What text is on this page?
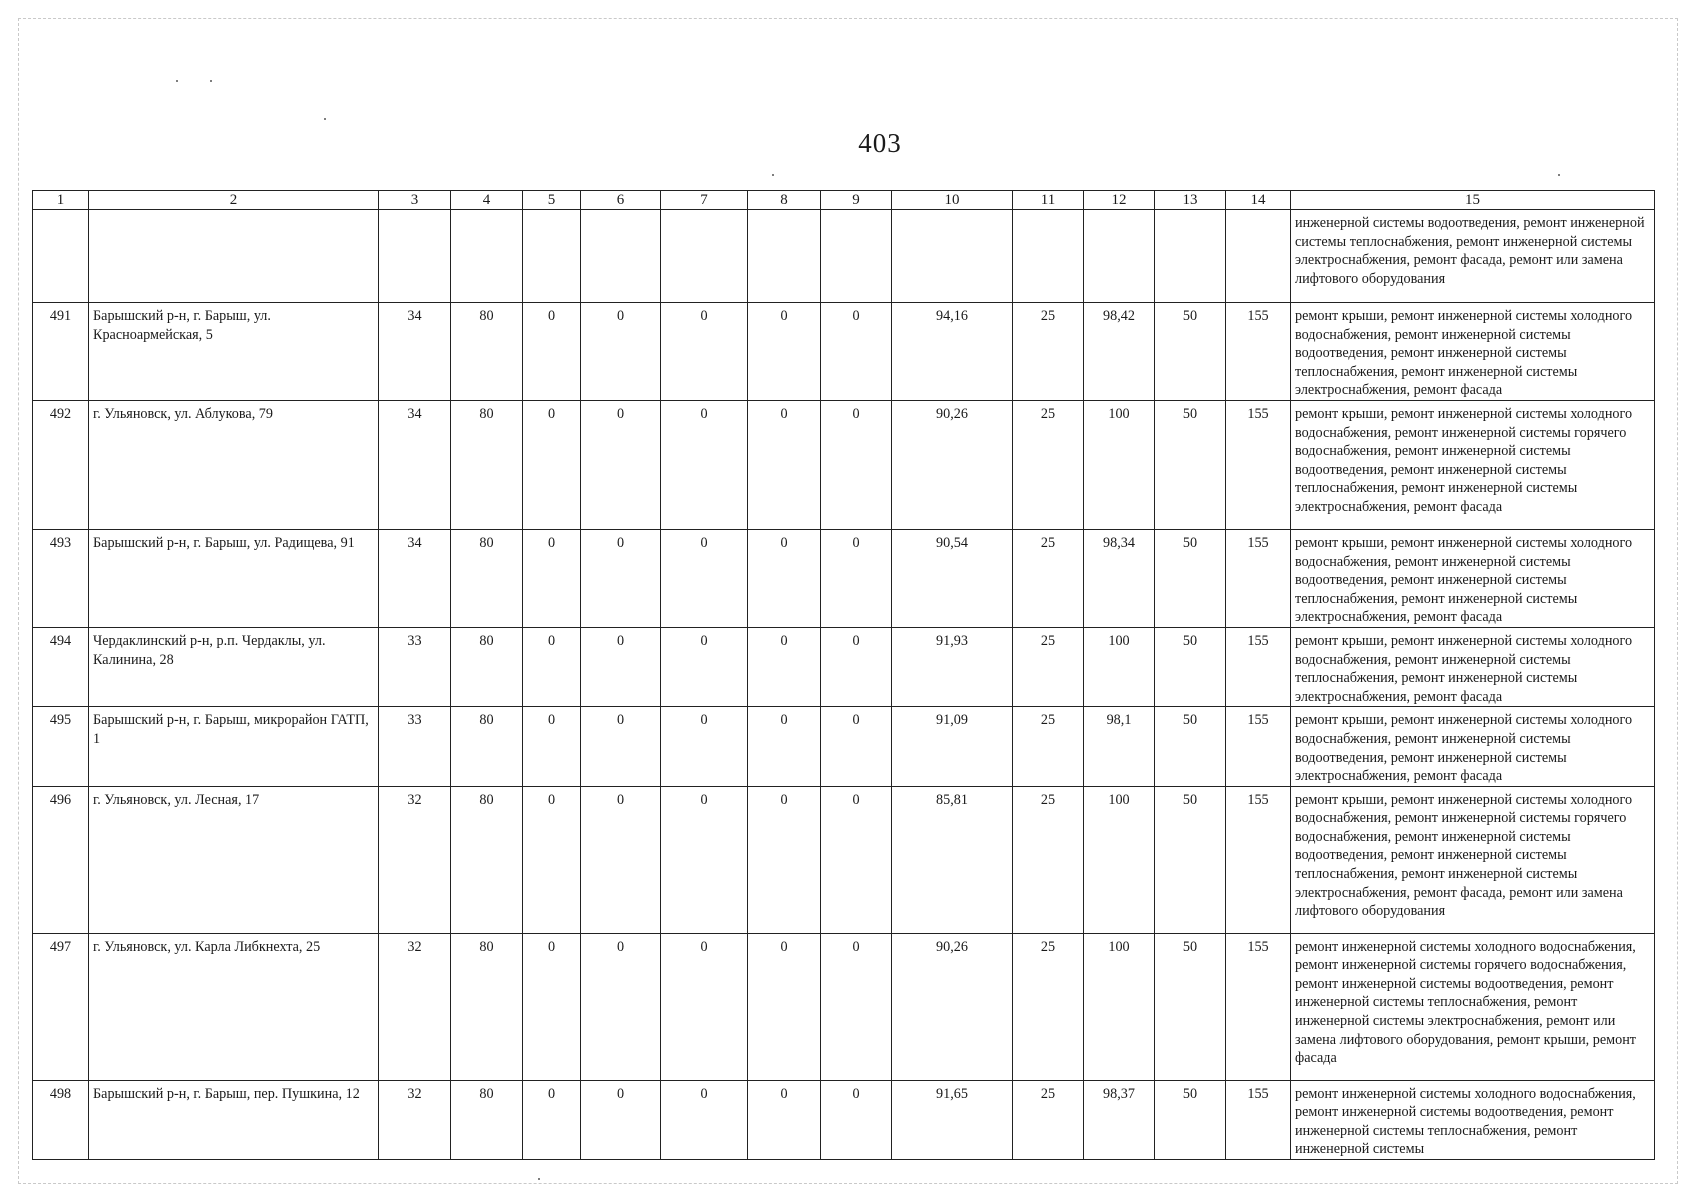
403
1	2	3	4	5	6	7	8	9	10	11	12	13	14	15
														инженерной системы водоотведения, ремонт инженерной системы теплоснабжения, ремонт инженерной системы электроснабжения, ремонт фасада, ремонт или замена лифтового оборудования
491	Барышский р-н, г. Барыш, ул. Красноармейская, 5	34	80	0	0	0	0	0	94,16	25	98,42	50	155	ремонт крыши, ремонт инженерной системы холодного водоснабжения, ремонт инженерной системы водоотведения, ремонт инженерной системы теплоснабжения, ремонт инженерной системы электроснабжения, ремонт фасада
492	г. Ульяновск, ул. Аблукова, 79	34	80	0	0	0	0	0	90,26	25	100	50	155	ремонт крыши, ремонт инженерной системы холодного водоснабжения, ремонт инженерной системы горячего водоснабжения, ремонт инженерной системы водоотведения, ремонт инженерной системы теплоснабжения, ремонт инженерной системы электроснабжения, ремонт фасада
493	Барышский р-н, г. Барыш, ул. Радищева, 91	34	80	0	0	0	0	0	90,54	25	98,34	50	155	ремонт крыши, ремонт инженерной системы холодного водоснабжения, ремонт инженерной системы водоотведения, ремонт инженерной системы теплоснабжения, ремонт инженерной системы электроснабжения, ремонт фасада
494	Чердаклинский р-н, р.п. Чердаклы, ул. Калинина, 28	33	80	0	0	0	0	0	91,93	25	100	50	155	ремонт крыши, ремонт инженерной системы холодного водоснабжения, ремонт инженерной системы теплоснабжения, ремонт инженерной системы электроснабжения, ремонт фасада
495	Барышский р-н, г. Барыш, микрорайон ГАТП, 1	33	80	0	0	0	0	0	91,09	25	98,1	50	155	ремонт крыши, ремонт инженерной системы холодного водоснабжения, ремонт инженерной системы водоотведения, ремонт инженерной системы электроснабжения, ремонт фасада
496	г. Ульяновск, ул. Лесная, 17	32	80	0	0	0	0	0	85,81	25	100	50	155	ремонт крыши, ремонт инженерной системы холодного водоснабжения, ремонт инженерной системы горячего водоснабжения, ремонт инженерной системы водоотведения, ремонт инженерной системы теплоснабжения, ремонт инженерной системы электроснабжения, ремонт фасада, ремонт или замена лифтового оборудования
497	г. Ульяновск, ул. Карла Либкнехта, 25	32	80	0	0	0	0	0	90,26	25	100	50	155	ремонт инженерной системы холодного водоснабжения, ремонт инженерной системы горячего водоснабжения, ремонт инженерной системы водоотведения, ремонт инженерной системы теплоснабжения, ремонт инженерной системы электроснабжения, ремонт или замена лифтового оборудования, ремонт крыши, ремонт фасада
498	Барышский р-н, г. Барыш, пер. Пушкина, 12	32	80	0	0	0	0	0	91,65	25	98,37	50	155	ремонт инженерной системы холодного водоснабжения, ремонт инженерной системы водоотведения, ремонт инженерной системы теплоснабжения, ремонт инженерной системы
